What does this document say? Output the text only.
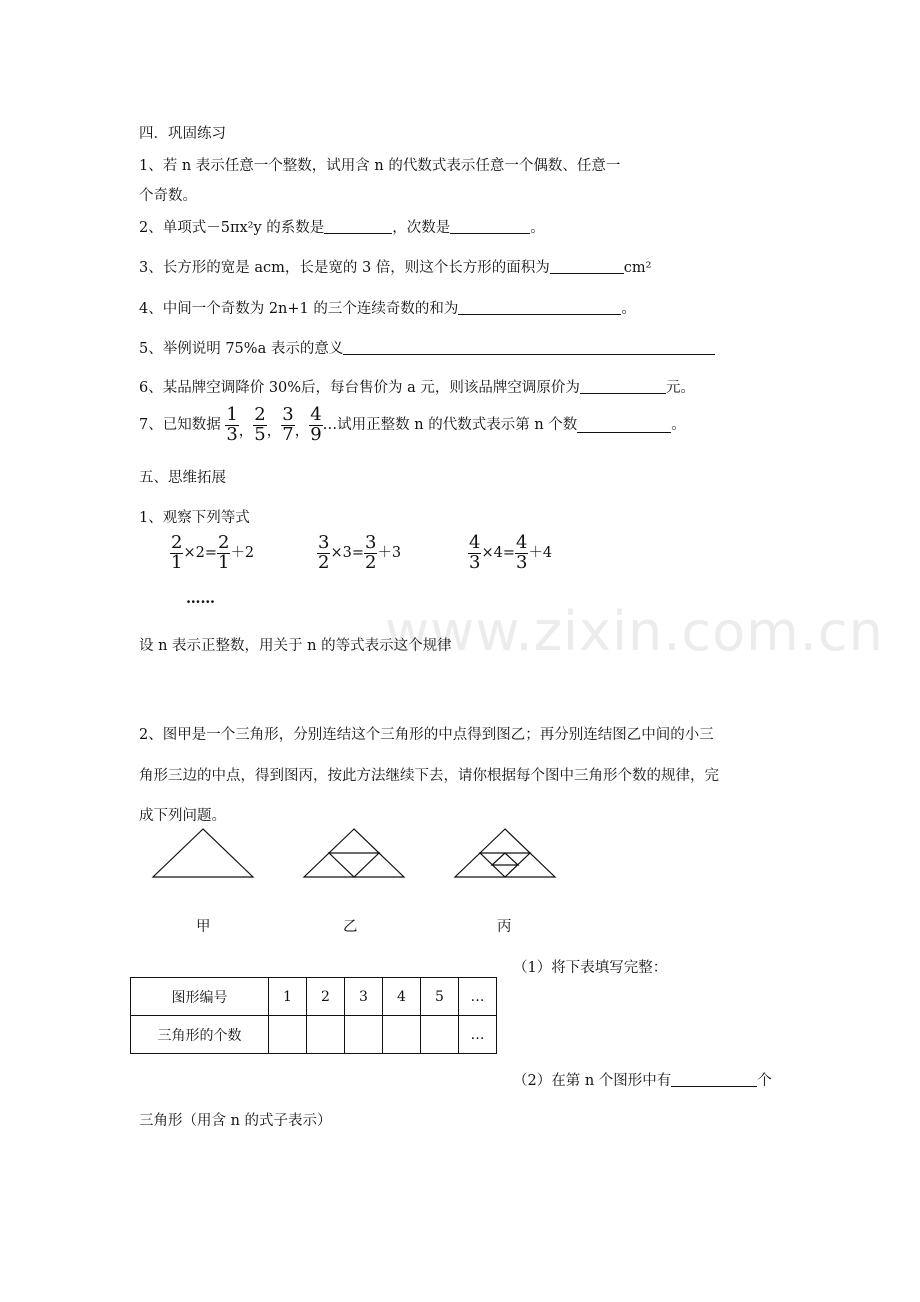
www.zixin.com.cn
四．巩固练习
1、若 n 表示任意一个整数，试用含 n 的代数式表示任意一个偶数、任意一
个奇数。
2、单项式－5πx²y 的系数是	，次数是	。
3、长方形的宽是 acm，长是宽的 3 倍，则这个长方形的面积为	cm²
4、中间一个奇数为 2n+1 的三个连续奇数的和为	。
5、举例说明 75%a 表示的意义
6、某品牌空调降价 30%后，每台售价为 a 元，则该品牌空调原价为	元。
7、已知数据 $\frac{1}{3}$ ， $\frac{2}{5}$ ， $\frac{3}{7}$ ， $\frac{4}{9}$ …试用正整数 n 的代数式表示第 n 个数	。
五、思维拓展
1、观察下列等式
$\frac{2}{1} \times 2= \frac{2}{1} +2$	$\frac{3}{2} \times 3= \frac{3}{2} +3$	$\frac{4}{3} \times 4= \frac{4}{3} +4$
……
设 n 表示正整数，用关于 n 的等式表示这个规律
2、图甲是一个三角形，分别连结这个三角形的中点得到图乙；再分别连结图乙中间的小三
角形三边的中点，得到图丙，按此方法继续下去，请你根据每个图中三角形个数的规律，完
成下列问题。
甲	乙	丙
（1）将下表填写完整：
图形编号	1	2	3	4	5	…
三角形的个数						…
（2）在第 n 个图形中有	个
三角形（用含 n 的式子表示）
